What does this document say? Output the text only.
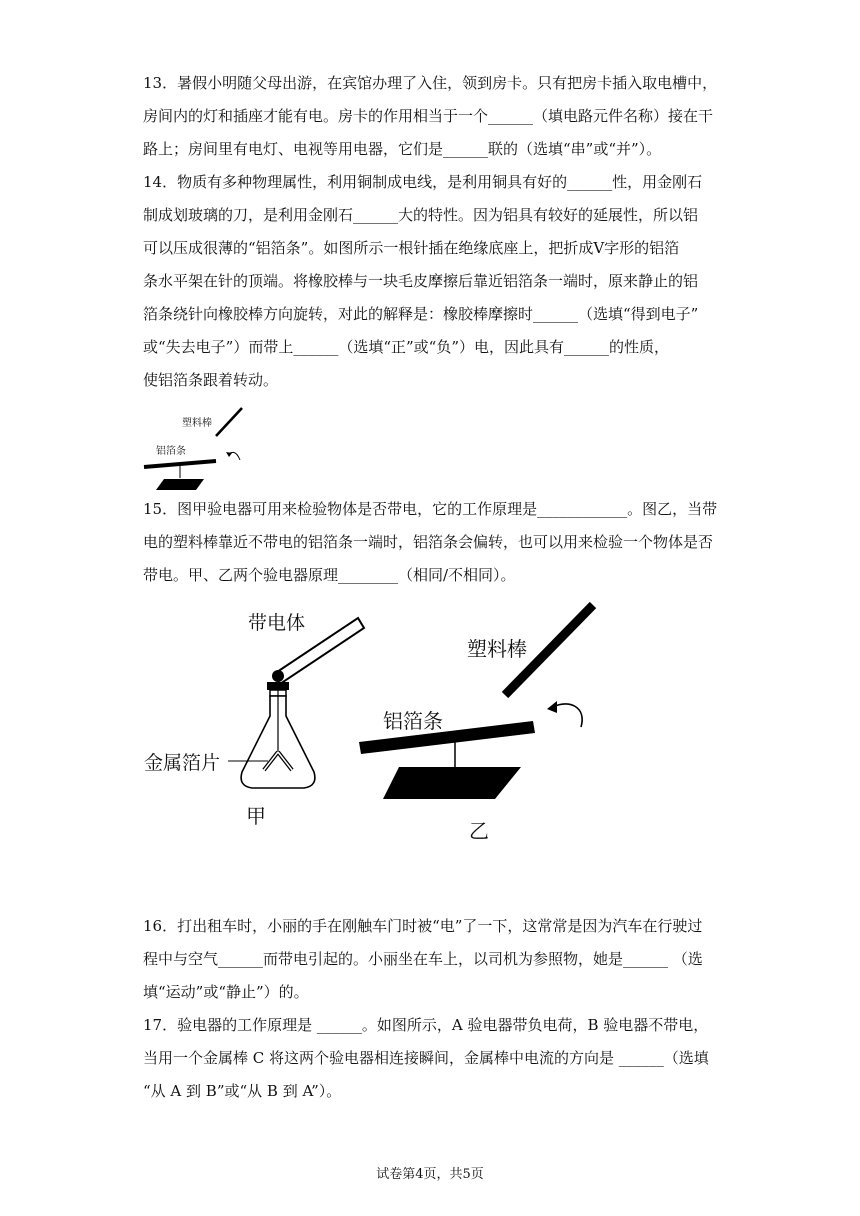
13．暑假小明随父母出游，在宾馆办理了入住，领到房卡。只有把房卡插入取电槽中，
房间内的灯和插座才能有电。房卡的作用相当于一个______（填电路元件名称）接在干
路上；房间里有电灯、电视等用电器，它们是______联的（选填“串”或“并”）。
14．物质有多种物理属性，利用铜制成电线，是利用铜具有好的______性，用金刚石
制成划玻璃的刀，是利用金刚石______大的特性。因为铝具有较好的延展性，所以铝
可以压成很薄的“铝箔条”。如图所示一根针插在绝缘底座上，把折成V字形的铝箔
条水平架在针的顶端。将橡胶棒与一块毛皮摩擦后靠近铝箔条一端时，原来静止的铝
箔条绕针向橡胶棒方向旋转，对此的解释是：橡胶棒摩擦时______（选填“得到电子”
或“失去电子”）而带上______（选填“正”或“负”）电，因此具有______的性质，
使铝箔条跟着转动。
塑料棒
铝箔条
15．图甲验电器可用来检验物体是否带电，它的工作原理是____________。图乙，当带
电的塑料棒靠近不带电的铝箔条一端时，铝箔条会偏转，也可以用来检验一个物体是否
带电。甲、乙两个验电器原理________（相同/不相同）。
带电体
金属箔片
甲
塑料棒
铝箔条
乙
16．打出租车时，小丽的手在刚触车门时被“电”了一下，这常常是因为汽车在行驶过
程中与空气______而带电引起的。小丽坐在车上，以司机为参照物，她是______ （选
填“运动”或“静止”）的。
17．验电器的工作原理是 ______。如图所示，A 验电器带负电荷，B 验电器不带电，
当用一个金属棒 C 将这两个验电器相连接瞬间，金属棒中电流的方向是 ______（选填
“从 A 到 B”或“从 B 到 A”）。
试卷第4页，共5页
